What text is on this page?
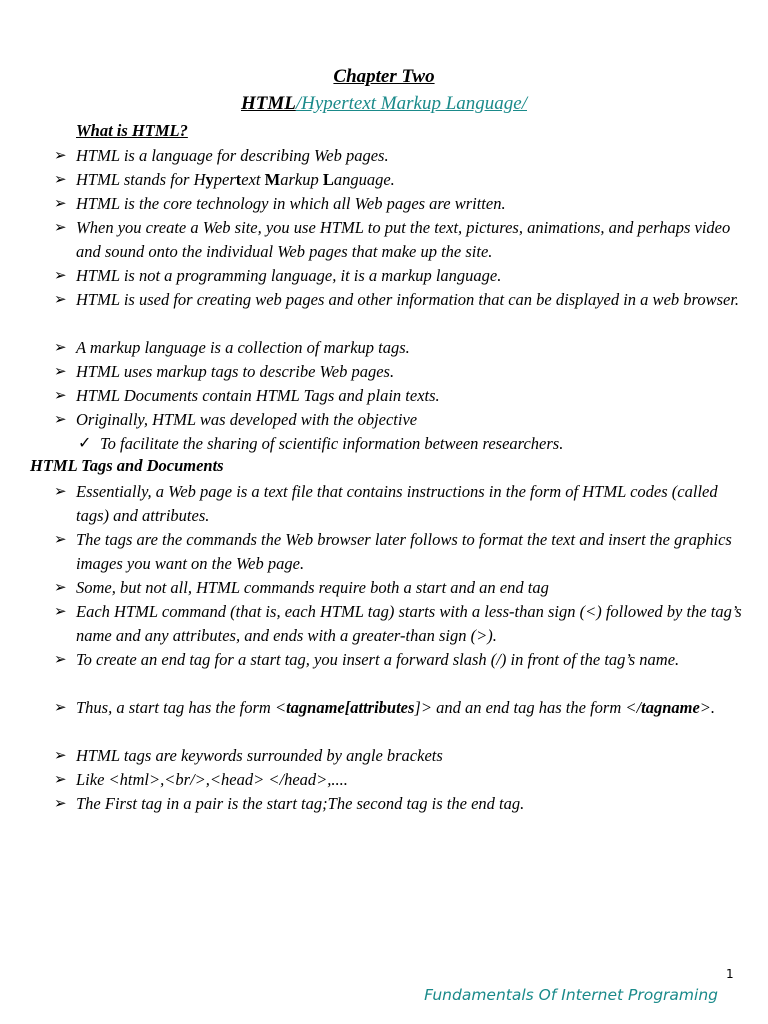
Chapter Two
HTML/Hypertext Markup Language/
What is HTML?
➢ HTML is a language for describing Web pages.
➢ HTML stands for Hypertext Markup Language.
➢ HTML is the core technology in which all Web pages are written.
➢ When you create a Web site, you use HTML to put the text, pictures, animations, and perhaps video and sound onto the individual Web pages that make up the site.
➢ HTML is not a programming language, it is a markup language.
➢ HTML is used for creating web pages and other information that can be displayed in a web browser.
➢ A markup language is a collection of markup tags.
➢ HTML uses markup tags to describe Web pages.
➢ HTML Documents contain HTML Tags and plain texts.
➢ Originally, HTML was developed with the objective
✓ To facilitate the sharing of scientific information between researchers.
HTML Tags and Documents
➢ Essentially, a Web page is a text file that contains instructions in the form of HTML codes (called tags) and attributes.
➢ The tags are the commands the Web browser later follows to format the text and insert the graphics images you want on the Web page.
➢ Some, but not all, HTML commands require both a start and an end tag
➢ Each HTML command (that is, each HTML tag) starts with a less-than sign (<) followed by the tag’s name and any attributes, and ends with a greater-than sign (>).
➢ To create an end tag for a start tag, you insert a forward slash (/) in front of the tag’s name.
➢ Thus, a start tag has the form <tagname[attributes]> and an end tag has the form </tagname>.
➢ HTML tags are keywords surrounded by angle brackets
➢ Like <html>,<br/>,<head> </head>,....
➢ The First tag in a pair is the start tag;The second tag is the end tag.
1
Fundamentals Of Internet Programing
